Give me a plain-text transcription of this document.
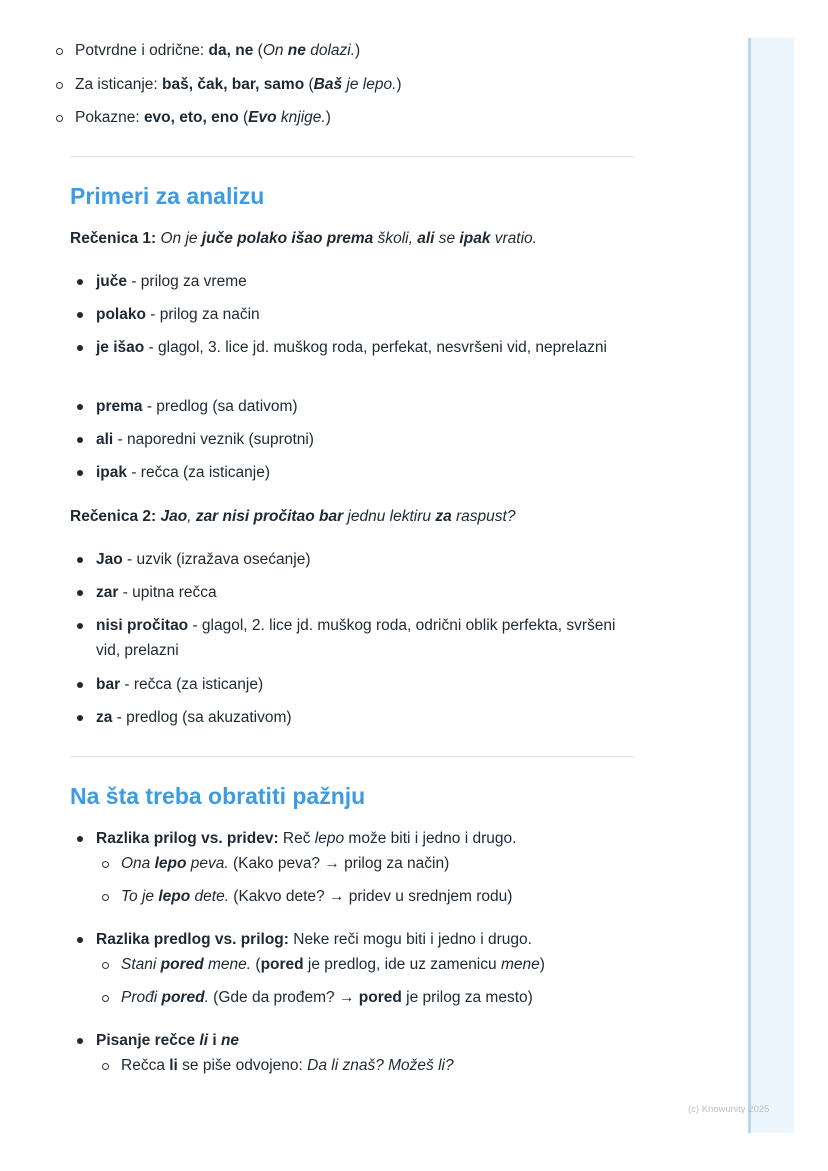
Potvrdne i odrične: da, ne (On ne dolazi.)
Za isticanje: baš, čak, bar, samo (Baš je lepo.)
Pokazne: evo, eto, eno (Evo knjige.)
Primeri za analizu

Rečenica 1: On je juče polako išao prema školi, ali se ipak vratio.

juče - prilog za vreme
polako - prilog za način
je išao - glagol, 3. lice jd. muškog roda, perfekat, nesvršeni vid, neprelazni
prema - predlog (sa dativom)
ali - naporedni veznik (suprotni)
ipak - rečca (za isticanje)

Rečenica 2: Jao, zar nisi pročitao bar jednu lektiru za raspust?

Jao - uzvik (izražava osećanje)
zar - upitna rečca
nisi pročitao - glagol, 2. lice jd. muškog roda, odrični oblik perfekta, svršeni vid, prelazni
bar - rečca (za isticanje)
za - predlog (sa akuzativom)
Na šta treba obratiti pažnju
Razlika prilog vs. pridev: Reč lepo može biti i jedno i drugo.
Ona lepo peva. (Kako peva? → prilog za način)
To je lepo dete. (Kakvo dete? → pridev u srednjem rodu)
Razlika predlog vs. prilog: Neke reči mogu biti i jedno i drugo.
Stani pored mene. (pored je predlog, ide uz zamenicu mene)
Prođi pored. (Gde da prođem? → pored je prilog za mesto)
Pisanje rečce li i ne
Rečca li se piše odvojeno: Da li znaš? Možeš li?
(c) Knowunity 2025
